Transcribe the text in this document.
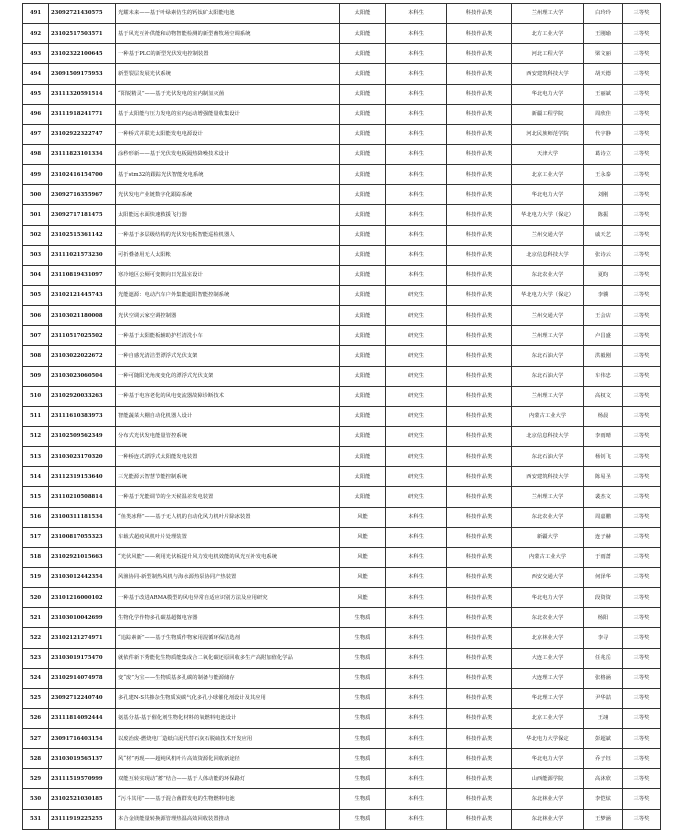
491	23092721430575	光耀未来——基于叶绿素仿生的钙钛矿太阳能电池	太阳能	本科生	科技作品类	兰州理工大学	白玲玲	三等奖
492	23102517503571	基于风光互补供能和动物智能检测的新型畜牧场空调系统	太阳能	本科生	科技作品类	北方工业大学	王刚瑜	三等奖
493	23102322100645	一种基于PLC的新型光伏发电控制装置	太阳能	本科生	科技作品类	河北工程大学	梁文丽	三等奖
494	23091509175953	新型裂层发展光伏系统	太阳能	本科生	科技作品类	西安建筑科技大学	胡天德	三等奖
495	23111320591514	“阳锐精灵”——基于光伏发电的室内制氢灭菌	太阳能	本科生	科技作品类	华北电力大学	王丽斌	三等奖
496	23111918241771	基于太阳能与压力发电的室内运动增强能量收集设计	太阳能	本科生	科技作品类	新疆工程学院	周欣佳	三等奖
497	23102922322747	一种桥式并联光太阳能发电电源设计	太阳能	本科生	科技作品类	河北民族师范学院	代宇静	三等奖
498	23111823101334	涂秒形新——基于光伏发电板隔热降噪技术设计	太阳能	本科生	科技作品类	天津大学	葛诗立	三等奖
499	23102416154700	基于stm32的跟踪光伏智能充电系统	太阳能	本科生	科技作品类	北京工业大学	王永泰	三等奖
500	23092716355967	光伏发电产业链数字化跟踪系统	太阳能	本科生	科技作品类	华北电力大学	刘刚	三等奖
501	23092717181475	太阳能远水面快速救援飞行器	太阳能	本科生	科技作品类	华北电力大学（保定）	陈振	三等奖
502	23102515361142	一种基于多层级结构的光伏发电板智能巡检机器人	太阳能	本科生	科技作品类	兰州交通大学	戚天艺	三等奖
503	23111021573230	可折叠备用无人太阳帐	太阳能	本科生	科技作品类	北京信息科技大学	张诗云	三等奖
504	23110819431097	寒冷地区公厕可变朝向日光温室设计	太阳能	本科生	科技作品类	东北农业大学	夏昀	三等奖
505	23102121445743	光能遮源：电动汽车户外集能遮阳智能控制系统	太阳能	研究生	科技作品类	华北电力大学（保定）	李骥	三等奖
506	23103021180008	光伏空调云家空调控制器	太阳能	研究生	科技作品类	兰州交通大学	王会店	三等奖
507	23110517025502	一种基于太阳能板辅助护栏清洗小车	太阳能	研究生	科技作品类	兰州理工大学	卢昌盛	三等奖
508	23103022022672	一种自感光清洁型漂浮式光伏支架	太阳能	研究生	科技作品类	东北石油大学	洪毅刚	三等奖
509	23103023060504	一种可随阳光角度变化的漂浮式光伏支架	太阳能	研究生	科技作品类	东北石油大学	车伟忠	三等奖
510	23102920033263	一种基于电容老化的风电变流器故障诊断技术	太阳能	研究生	科技作品类	兰州理工大学	高权文	三等奖
511	23111610383973	智能蔬菜大棚自动化机器人设计	太阳能	研究生	科技作品类	内蒙古工业大学	杨晨	三等奖
512	23102509562349	分布式光伏发电能量管控系统	太阳能	研究生	科技作品类	北京信息科技大学	李雨晴	三等奖
513	23103023170320	一种桥连式漂浮式太阳能发电装置	太阳能	研究生	科技作品类	东北石油大学	杨钊飞	三等奖
514	23112319153640	三光能源云智慧节能控制系统	太阳能	研究生	科技作品类	西安建筑科技大学	陈易圣	三等奖
515	23110210508814	一种基于光能调节的全天候温差发电装置	太阳能	研究生	科技作品类	兰州理工大学	裴杰文	三等奖
516	23100311181534	“鱼类冰释”——基于无人机的自动化风力机叶片除冰装置	风能	本科生	科技作品类	东北农业大学	周嘉鹏	三等奖
517	23100817055323	车载式超疫风机叶片处理装置	风能	本科生	科技作品类	新疆大学	连子赫	三等奖
518	23102921015663	“光伏风能”——利用光伏板提升风力发电机效能的风光互补发电系统	风能	本科生	科技作品类	内蒙古工业大学	于雨蔷	三等奖
519	23103012442354	风渔协同-新型制热风机与海水源热泵协同产热装置	风能	本科生	科技作品类	西安交通大学	何泽华	三等奖
520	23101216000102	一种基于改进ARMA模型的风电异常自适应识别方法及应用研究	风能	本科生	科技作品类	华北电力大学	段资资	三等奖
521	23103010042699	生物化学作物多孔碳基超微电容器	生物质	本科生	科技作品类	东北农业大学	杨阳	三等奖
522	23102121274971	“追踪素新”——基于生物质作物家用混循环保洁选剂	生物质	本科生	科技作品类	北京林业大学	李寻	三等奖
523	23103019175470	就依件新下秀能化生物质能集成合二氧化碳还原回收多生产高附加值化学品	生物质	本科生	科技作品类	大连工业大学	任兆岳	三等奖
524	23102914074978	变“废”为宝——生物质基多孔碳的制备与能源储存	生物质	本科生	科技作品类	大连理工大学	张格涵	三等奖
525	23092712240740	多孔建N-S共掺杂生物质炭碳气化多孔小球催化剂设计及其应用	生物质	本科生	科技作品类	华北理工大学	尹华喆	三等奖
526	23111814092444	氨基分基-基于催化剂生物化材料的氧燃料电池设计	生物质	本科生	科技作品类	北京工业大学	王翊	三等奖
527	23091716403154	以废治废-燃烧电厂造纸白泥代替石灰石脱硫技术开发应用	生物质	本科生	科技作品类	华北电力大学保定	彭超斌	三等奖
528	23103019565137	风“材”再现——超纯风机叶片高效资源化回收新途径	生物质	本科生	科技作品类	华北电力大学	乔子钰	三等奖
529	23111519570999	双能互转实现动“蓄”结合——基于人体动能的环保路灯	生物质	本科生	科技作品类	山西能源学院	高沐欣	三等奖
530	23102521030185	“污斗其用”——基于混合菌群发电的生物燃料电池	生物质	本科生	科技作品类	东北林业大学	李恺炫	三等奖
531	23111919225255	本合金镁能量转换源管理热温高效回收装置推动	生物质	本科生	科技作品类	东北林业大学	王梦涵	三等奖
